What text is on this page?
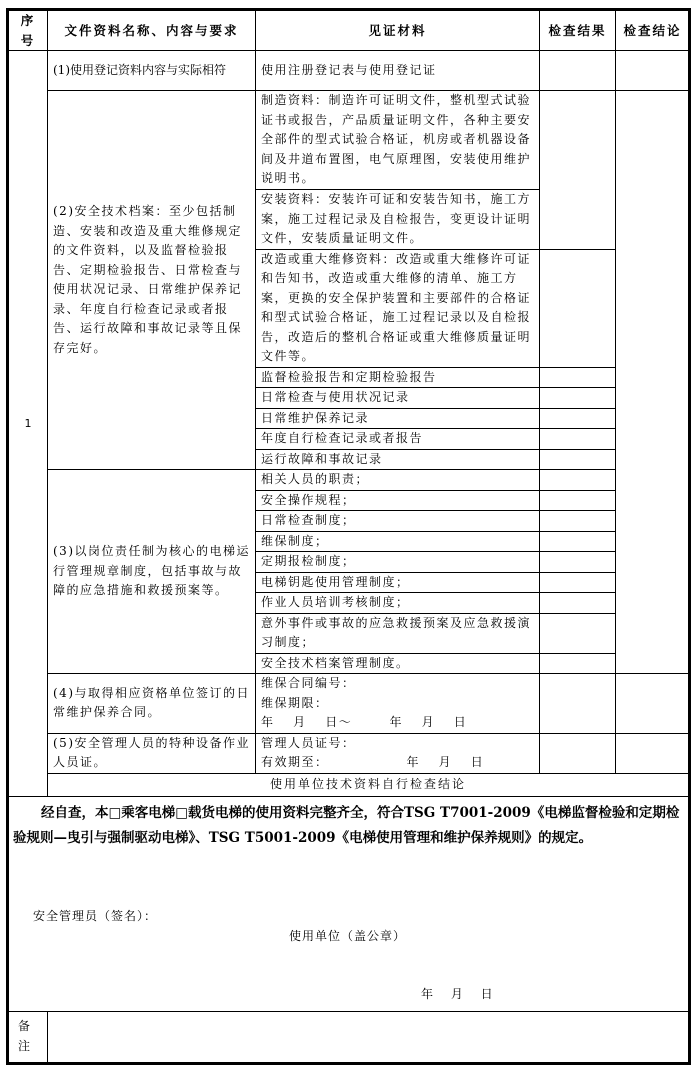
序号	文件资料名称、内容与要求	见证材料	检查结果	检查结论
1	(1)使用登记资料内容与实际相符	使用注册登记表与使用登记证		
	(2)安全技术档案：至少包括制造、安装和改造及重大维修规定的文件资料，以及监督检验报告、定期检验报告、日常检查与使用状况记录、日常维护保养记录、年度自行检查记录或者报告、运行故障和事故记录等且保存完好。	制造资料：制造许可证明文件，整机型式试验证书或报告，产品质量证明文件，各种主要安全部件的型式试验合格证，机房或者机器设备间及井道布置图，电气原理图，安装使用维护说明书。		
		安装资料：安装许可证和安装告知书，施工方案，施工过程记录及自检报告，变更设计证明文件，安装质量证明文件。		
		改造或重大维修资料：改造或重大维修许可证和告知书，改造或重大维修的清单、施工方案，更换的安全保护装置和主要部件的合格证和型式试验合格证，施工过程记录以及自检报告，改造后的整机合格证或重大维修质量证明文件等。		
		监督检验报告和定期检验报告		
		日常检查与使用状况记录		
		日常维护保养记录		
		年度自行检查记录或者报告		
		运行故障和事故记录		
	(3)以岗位责任制为核心的电梯运行管理规章制度，包括事故与故障的应急措施和救援预案等。	相关人员的职责；		
		安全操作规程；		
		日常检查制度；		
		维保制度；		
		定期报检制度；		
		电梯钥匙使用管理制度；		
		作业人员培训考核制度；		
		意外事件或事故的应急救援预案及应急救援演习制度；		
		安全技术档案管理制度。		
	(4)与取得相应资格单位签订的日常维护保养合同。	维保合同编号：
维保期限：年  月  日～    年  月  日		

	(5)安全管理人员的特种设备作业人员证。	管理人员证号：
有效期至： 年  月  日		

	使用单位技术资料自行检查结论			

经自查，本□乘客电梯□载货电梯的使用资料完整齐全，符合TSG T7001-2009《电梯监督检验和定期检验规则—曳引与强制驱动电梯》、TSG T5001-2009《电梯使用管理和维护保养规则》的规定。
安全管理员（签名）：
使用单位（盖公章）
年 月 日				

备 注				
